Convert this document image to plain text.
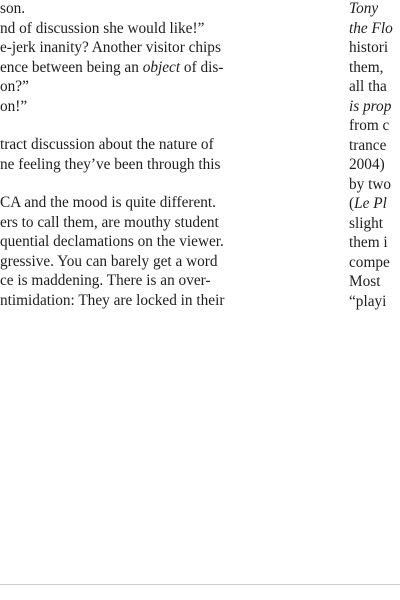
son.

nd of discussion she would like!”

e-jerk inanity? Another visitor chips

ence between being an object of dis-

on?”

on!”

tract discussion about the nature of

ne feeling they’ve been through this

CA and the mood is quite different.

ers to call them, are mouthy student

quential declamations on the viewer.

gressive. You can barely get a word

ce is maddening. There is an over-

ntimidation: They are locked in their

Tony

the Flo

histori

them,

all tha

is prop

from c

trance

2004)

by two

(Le Pl

slight

them i

compe

Most

“playi
